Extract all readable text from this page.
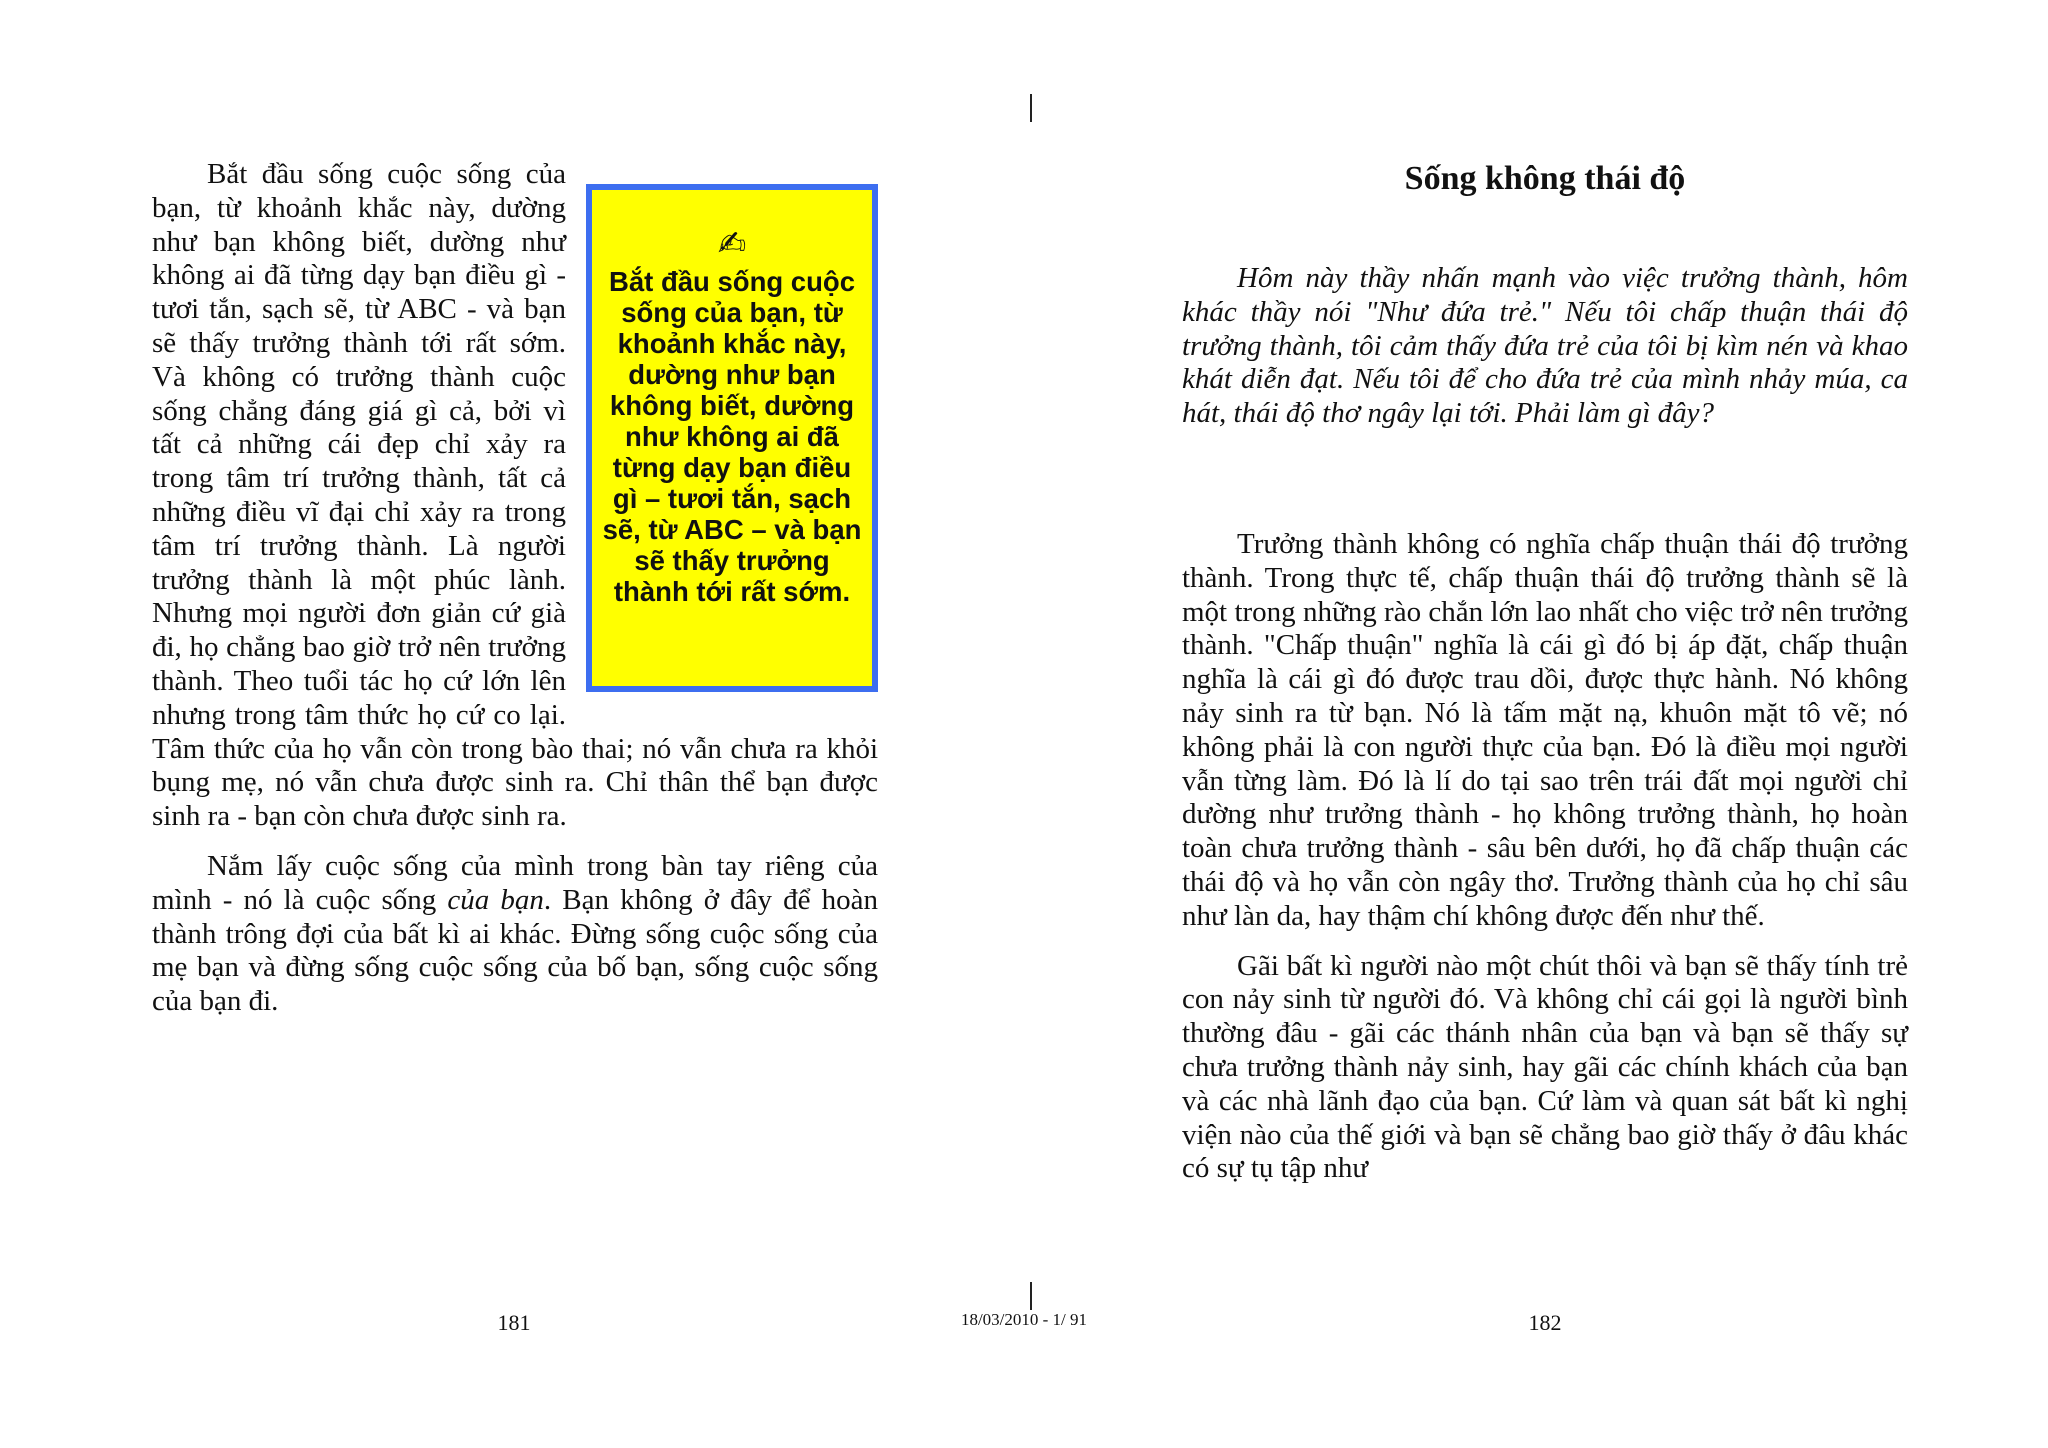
✍
Bắt đầu sống cuộc sống của bạn, từ khoảnh khắc này, dường như bạn không biết, dường như không ai đã từng dạy bạn điều gì – tươi tắn, sạch sẽ, từ ABC – và bạn sẽ thấy trưởng thành tới rất sớm.

Bắt đầu sống cuộc sống của bạn, từ khoảnh khắc này, dường như bạn không biết, dường như không ai đã từng dạy bạn điều gì - tươi tắn, sạch sẽ, từ ABC - và bạn sẽ thấy trưởng thành tới rất sớm. Và không có trưởng thành cuộc sống chẳng đáng giá gì cả, bởi vì tất cả những cái đẹp chỉ xảy ra trong tâm trí trưởng thành, tất cả những điều vĩ đại chỉ xảy ra trong tâm trí trưởng thành. Là người trưởng thành là một phúc lành. Nhưng mọi người đơn giản cứ già đi, họ chẳng bao giờ trở nên trưởng thành. Theo tuổi tác họ cứ lớn lên nhưng trong tâm thức họ cứ co lại. Tâm thức của họ vẫn còn trong bào thai; nó vẫn chưa ra khỏi bụng mẹ, nó vẫn chưa được sinh ra. Chỉ thân thể bạn được sinh ra - bạn còn chưa được sinh ra.

Nắm lấy cuộc sống của mình trong bàn tay riêng của mình - nó là cuộc sống của bạn. Bạn không ở đây để hoàn thành trông đợi của bất kì ai khác. Đừng sống cuộc sống của mẹ bạn và đừng sống cuộc sống của bố bạn, sống cuộc sống của bạn đi.

181	18/03/2010 - 1/ 91
Sống không thái độ

Hôm này thầy nhấn mạnh vào việc trưởng thành, hôm khác thầy nói "Như đứa trẻ." Nếu tôi chấp thuận thái độ trưởng thành, tôi cảm thấy đứa trẻ của tôi bị kìm nén và khao khát diễn đạt. Nếu tôi để cho đứa trẻ của mình nhảy múa, ca hát, thái độ thơ ngây lại tới. Phải làm gì đây?

Trưởng thành không có nghĩa chấp thuận thái độ trưởng thành. Trong thực tế, chấp thuận thái độ trưởng thành sẽ là một trong những rào chắn lớn lao nhất cho việc trở nên trưởng thành. "Chấp thuận" nghĩa là cái gì đó bị áp đặt, chấp thuận nghĩa là cái gì đó được trau dồi, được thực hành. Nó không nảy sinh ra từ bạn. Nó là tấm mặt nạ, khuôn mặt tô vẽ; nó không phải là con người thực của bạn. Đó là điều mọi người vẫn từng làm. Đó là lí do tại sao trên trái đất mọi người chỉ dường như trưởng thành - họ không trưởng thành, họ hoàn toàn chưa trưởng thành - sâu bên dưới, họ đã chấp thuận các thái độ và họ vẫn còn ngây thơ. Trưởng thành của họ chỉ sâu như làn da, hay thậm chí không được đến như thế.

Gãi bất kì người nào một chút thôi và bạn sẽ thấy tính trẻ con nảy sinh từ người đó. Và không chỉ cái gọi là người bình thường đâu - gãi các thánh nhân của bạn và bạn sẽ thấy sự chưa trưởng thành nảy sinh, hay gãi các chính khách của bạn và các nhà lãnh đạo của bạn. Cứ làm và quan sát bất kì nghị viện nào của thế giới và bạn sẽ chẳng bao giờ thấy ở đâu khác có sự tụ tập như

182
